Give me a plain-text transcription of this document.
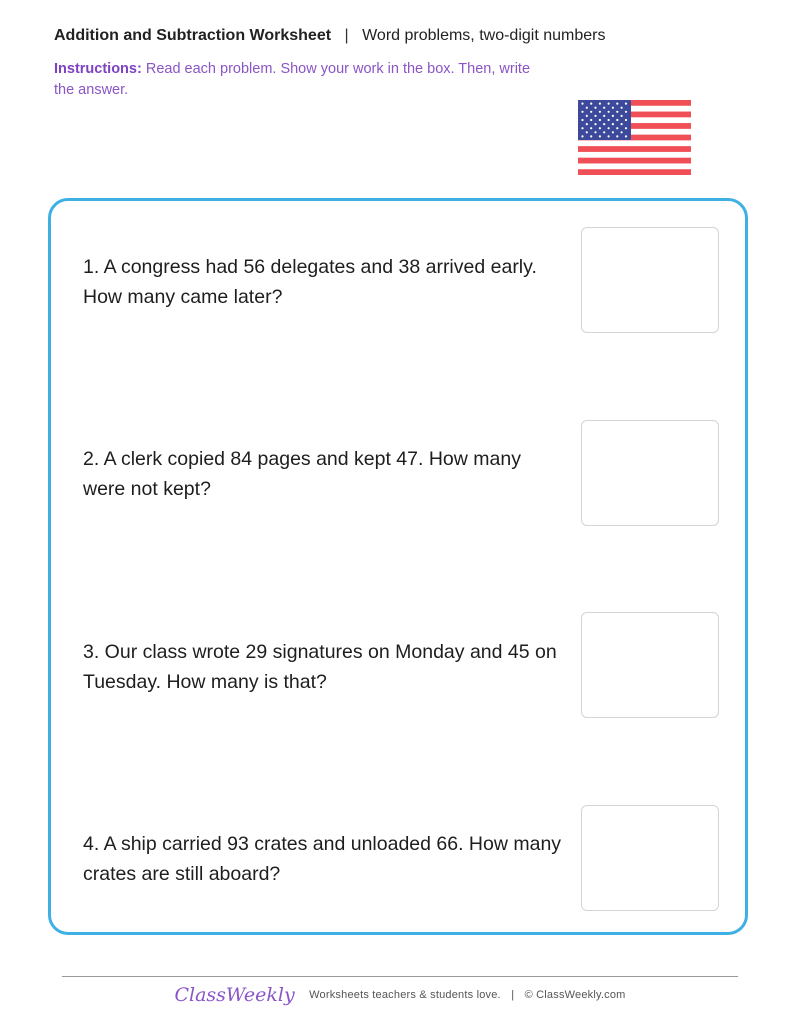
Addition and Subtraction Worksheet | Word problems, two-digit numbers
Instructions: Read each problem. Show your work in the box. Then, write the answer.
1. A congress had 56 delegates and 38 arrived early. How many came later?
2. A clerk copied 84 pages and kept 47. How many were not kept?
3. Our class wrote 29 signatures on Monday and 45 on Tuesday. How many is that?
4. A ship carried 93 crates and unloaded 66. How many crates are still aboard?
ClassWeekly Worksheets teachers & students love. | © ClassWeekly.com
